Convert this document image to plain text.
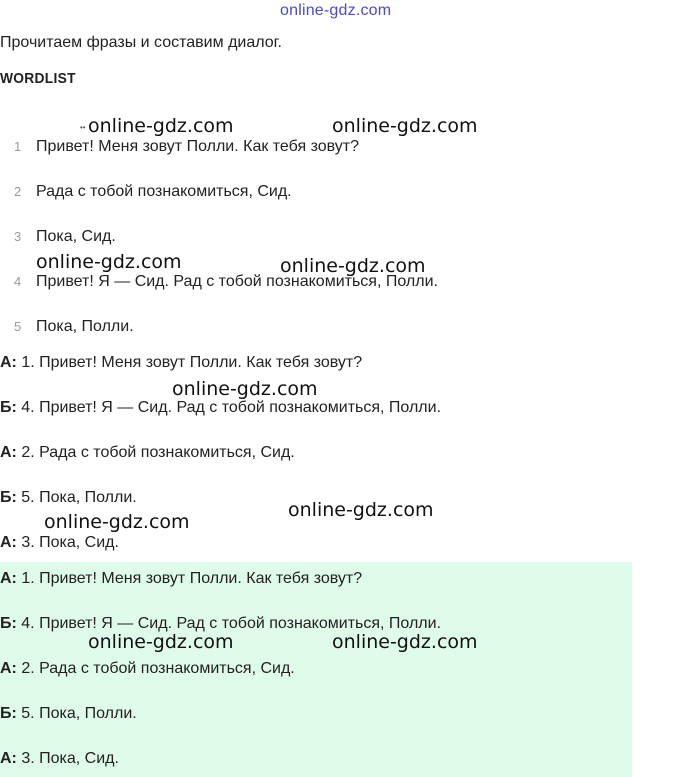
online-gdz.com
Прочитаем фразы и составим диалог.
WORDLIST
1 Привет! Меня зовут Полли. Как тебя зовут?
2 Рада с тобой познакомиться, Сид.
3 Пока, Сид.
4 Привет! Я — Сид. Рад с тобой познакомиться, Полли.
5 Пока, Полли.
А: 1. Привет! Меня зовут Полли. Как тебя зовут?
Б: 4. Привет! Я — Сид. Рад с тобой познакомиться, Полли.
А: 2. Рада с тобой познакомиться, Сид.
Б: 5. Пока, Полли.
А: 3. Пока, Сид.
А: 1. Привет! Меня зовут Полли. Как тебя зовут?
Б: 4. Привет! Я — Сид. Рад с тобой познакомиться, Полли.
А: 2. Рада с тобой познакомиться, Сид.
Б: 5. Пока, Полли.
А: 3. Пока, Сид.
•• online-gdz.com	online-gdz.com
online-gdz.com	online-gdz.com
online-gdz.com
online-gdz.com
online-gdz.com
online-gdz.com	online-gdz.com
